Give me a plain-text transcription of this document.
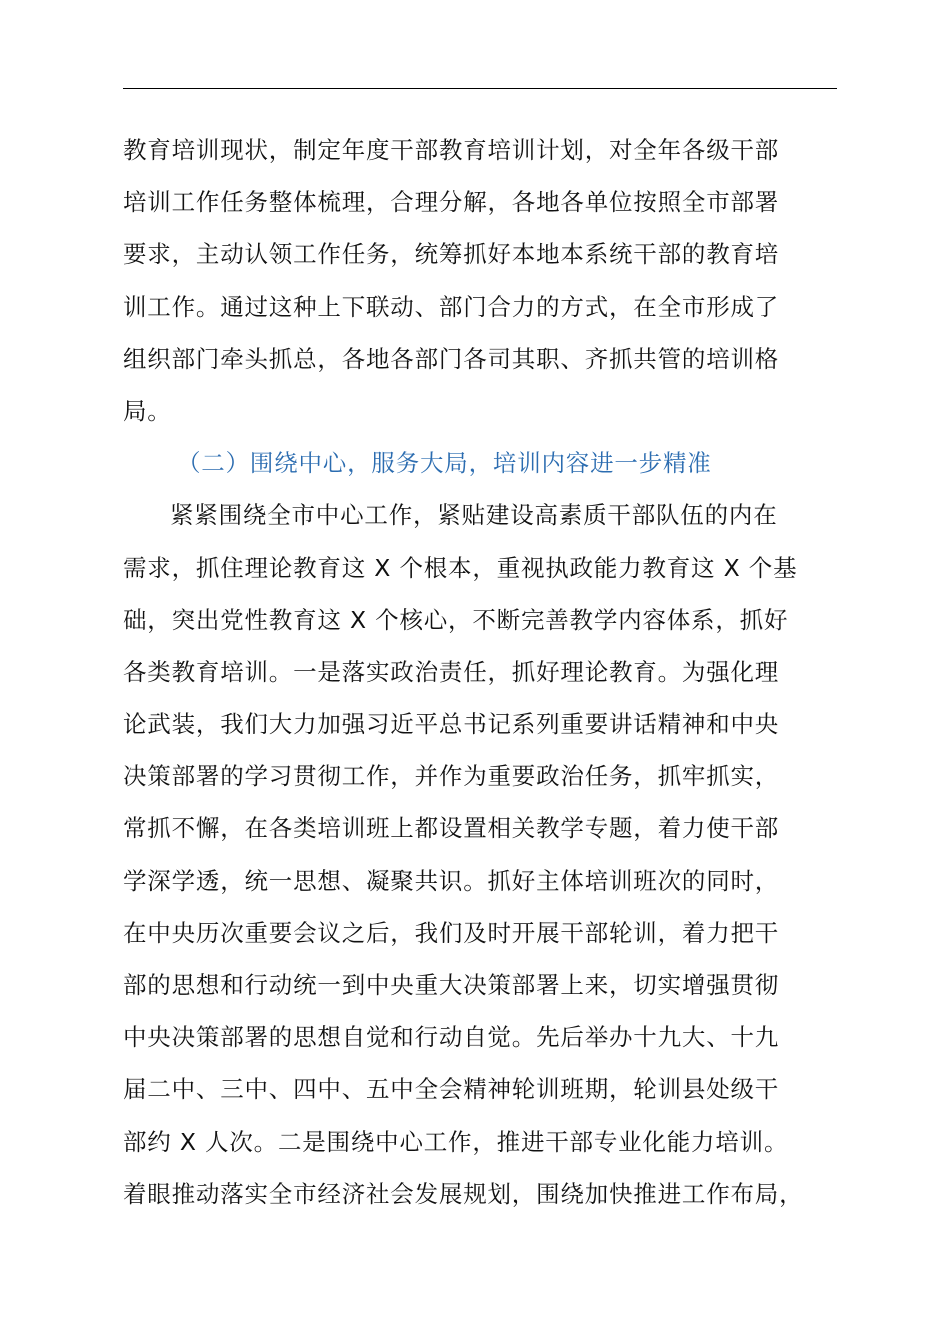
教育培训现状，制定年度干部教育培训计划，对全年各级干部
培训工作任务整体梳理，合理分解，各地各单位按照全市部署
要求，主动认领工作任务，统筹抓好本地本系统干部的教育培
训工作。通过这种上下联动、部门合力的方式，在全市形成了
组织部门牵头抓总，各地各部门各司其职、齐抓共管的培训格
局。
（二）围绕中心，服务大局，培训内容进一步精准
紧紧围绕全市中心工作，紧贴建设高素质干部队伍的内在
需求，抓住理论教育这 X 个根本，重视执政能力教育这 X 个基
础，突出党性教育这 X 个核心，不断完善教学内容体系，抓好
各类教育培训。一是落实政治责任，抓好理论教育。为强化理
论武装，我们大力加强习近平总书记系列重要讲话精神和中央
决策部署的学习贯彻工作，并作为重要政治任务，抓牢抓实，
常抓不懈，在各类培训班上都设置相关教学专题，着力使干部
学深学透，统一思想、凝聚共识。抓好主体培训班次的同时，
在中央历次重要会议之后，我们及时开展干部轮训，着力把干
部的思想和行动统一到中央重大决策部署上来，切实增强贯彻
中央决策部署的思想自觉和行动自觉。先后举办十九大、十九
届二中、三中、四中、五中全会精神轮训班期，轮训县处级干
部约 X 人次。二是围绕中心工作，推进干部专业化能力培训。
着眼推动落实全市经济社会发展规划，围绕加快推进工作布局，
